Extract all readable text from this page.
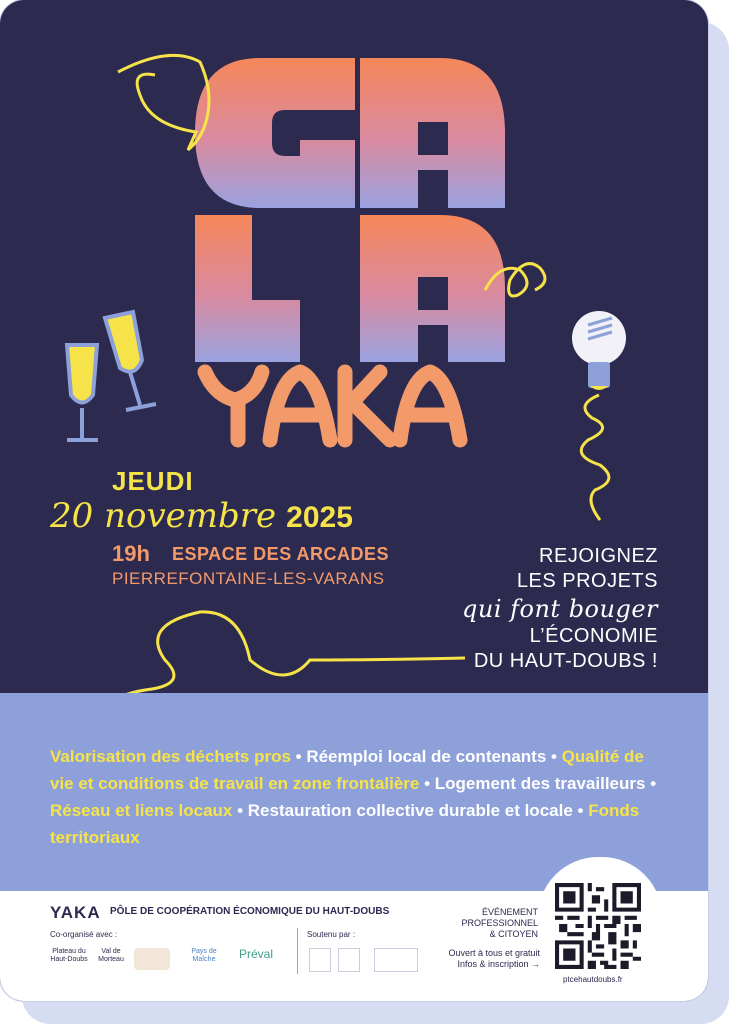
JEUDI
20 novembre 2025
19h ESPACE DES ARCADES
PIERREFONTAINE-LES-VARANS
REJOIGNEZ
LES PROJETS
qui font bouger
L’ÉCONOMIE
DU HAUT-DOUBS !
Valorisation des déchets pros • Réemploi local de contenants • Qualité de vie et conditions de travail en zone frontalière • Logement des travailleurs • Réseau et liens locaux • Restauration collective durable et locale • Fonds territoriaux
YAKA PÔLE DE COOPÉRATION ÉCONOMIQUE DU HAUT-DOUBS
Co-organisé avec :	Soutenu par :
Plateau du Haut-Doubs
Val de Morteau
Pays de Maîche	Préval
ÉVÉNEMENT
PROFESSIONNEL
& CITOYEN
Ouvert à tous et gratuit
Infos & inscription →
ptcehautdoubs.fr
